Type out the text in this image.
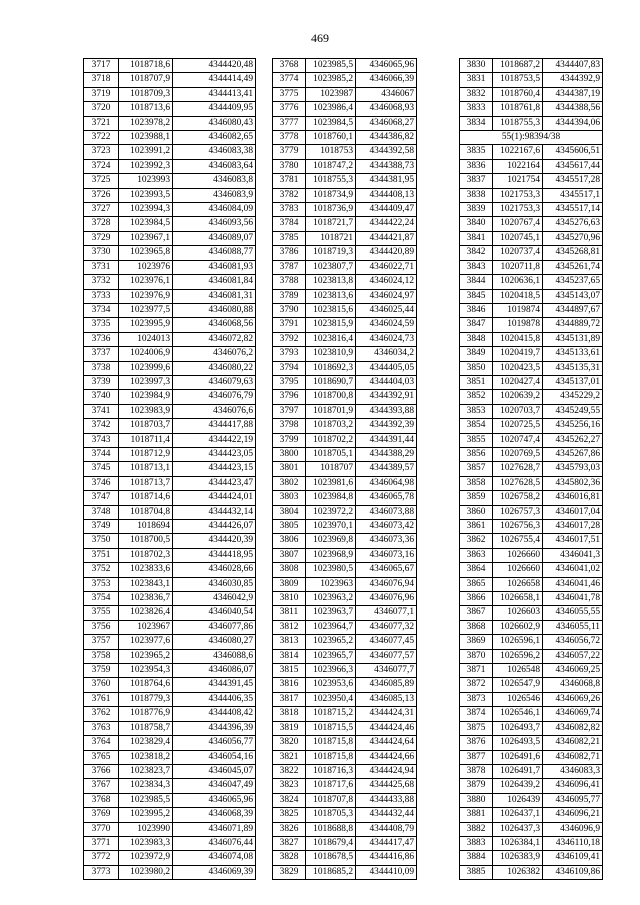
469
3717	1018718,6	4344420,48
3718	1018707,9	4344414,49
3719	1018709,3	4344413,41
3720	1018713,6	4344409,95
3721	1023978,2	4346080,43
3722	1023988,1	4346082,65
3723	1023991,2	4346083,38
3724	1023992,3	4346083,64
3725	1023993	4346083,8
3726	1023993,5	4346083,9
3727	1023994,3	4346084,09
3728	1023984,5	4346093,56
3729	1023967,1	4346089,07
3730	1023965,8	4346088,77
3731	1023976	4346081,93
3732	1023976,1	4346081,84
3733	1023976,9	4346081,31
3734	1023977,5	4346080,88
3735	1023995,9	4346068,56
3736	1024013	4346072,82
3737	1024006,9	4346076,2
3738	1023999,6	4346080,22
3739	1023997,3	4346079,63
3740	1023984,9	4346076,79
3741	1023983,9	4346076,6
3742	1018703,7	4344417,88
3743	1018711,4	4344422,19
3744	1018712,9	4344423,05
3745	1018713,1	4344423,15
3746	1018713,7	4344423,47
3747	1018714,6	4344424,01
3748	1018704,8	4344432,14
3749	1018694	4344426,07
3750	1018700,5	4344420,39
3751	1018702,3	4344418,95
3752	1023833,6	4346028,66
3753	1023843,1	4346030,85
3754	1023836,7	4346042,9
3755	1023826,4	4346040,54
3756	1023967	4346077,86
3757	1023977,6	4346080,27
3758	1023965,2	4346088,6
3759	1023954,3	4346086,07
3760	1018764,6	4344391,45
3761	1018779,3	4344406,35
3762	1018776,9	4344408,42
3763	1018758,7	4344396,39
3764	1023829,4	4346056,77
3765	1023818,2	4346054,16
3766	1023823,7	4346045,07
3767	1023834,3	4346047,49
3768	1023985,5	4346065,96
3769	1023995,2	4346068,39
3770	1023990	4346071,89
3771	1023983,3	4346076,44
3772	1023972,9	4346074,08
3773	1023980,2	4346069,39
3768	1023985,5	4346065,96
3774	1023985,2	4346066,39
3775	1023987	4346067
3776	1023986,4	4346068,93
3777	1023984,5	4346068,27
3778	1018760,1	4344386,82
3779	1018753	4344392,58
3780	1018747,2	4344388,73
3781	1018755,3	4344381,95
3782	1018734,9	4344408,13
3783	1018736,9	4344409,47
3784	1018721,7	4344422,24
3785	1018721	4344421,87
3786	1018719,3	4344420,89
3787	1023807,7	4346022,71
3788	1023813,8	4346024,12
3789	1023813,6	4346024,97
3790	1023815,6	4346025,44
3791	1023815,9	4346024,59
3792	1023816,4	4346024,73
3793	1023810,9	4346034,2
3794	1018692,3	4344405,05
3795	1018690,7	4344404,03
3796	1018700,8	4344392,91
3797	1018701,9	4344393,88
3798	1018703,2	4344392,39
3799	1018702,2	4344391,44
3800	1018705,1	4344388,29
3801	1018707	4344389,57
3802	1023981,6	4346064,98
3803	1023984,8	4346065,78
3804	1023972,2	4346073,88
3805	1023970,1	4346073,42
3806	1023969,8	4346073,36
3807	1023968,9	4346073,16
3808	1023980,5	4346065,67
3809	1023963	4346076,94
3810	1023963,2	4346076,96
3811	1023963,7	4346077,1
3812	1023964,7	4346077,32
3813	1023965,2	4346077,45
3814	1023965,7	4346077,57
3815	1023966,3	4346077,7
3816	1023953,6	4346085,89
3817	1023950,4	4346085,13
3818	1018715,2	4344424,31
3819	1018715,5	4344424,46
3820	1018715,8	4344424,64
3821	1018715,8	4344424,66
3822	1018716,3	4344424,94
3823	1018717,6	4344425,68
3824	1018707,8	4344433,88
3825	1018705,3	4344432,44
3826	1018688,8	4344408,79
3827	1018679,4	4344417,47
3828	1018678,5	4344416,86
3829	1018685,2	4344410,09
3830	1018687,2	4344407,83
3831	1018753,5	4344392,9
3832	1018760,4	4344387,19
3833	1018761,8	4344388,56
3834	1018755,3	4344394,06
55(1):98394/38		
3835	1022167,6	4345606,51
3836	1022164	4345617,44
3837	1021754	4345517,28
3838	1021753,3	4345517,1
3839	1021753,3	4345517,14
3840	1020767,4	4345276,63
3841	1020745,1	4345270,96
3842	1020737,4	4345268,81
3843	1020711,8	4345261,74
3844	1020636,1	4345237,65
3845	1020418,5	4345143,07
3846	1019874	4344897,67
3847	1019878	4344889,72
3848	1020415,8	4345131,89
3849	1020419,7	4345133,61
3850	1020423,5	4345135,31
3851	1020427,4	4345137,01
3852	1020639,2	4345229,2
3853	1020703,7	4345249,55
3854	1020725,5	4345256,16
3855	1020747,4	4345262,27
3856	1020769,5	4345267,86
3857	1027628,7	4345793,03
3858	1027628,5	4345802,36
3859	1026758,2	4346016,81
3860	1026757,3	4346017,04
3861	1026756,3	4346017,28
3862	1026755,4	4346017,51
3863	1026660	4346041,3
3864	1026660	4346041,02
3865	1026658	4346041,46
3866	1026658,1	4346041,78
3867	1026603	4346055,55
3868	1026602,9	4346055,11
3869	1026596,1	4346056,72
3870	1026596,2	4346057,22
3871	1026548	4346069,25
3872	1026547,9	4346068,8
3873	1026546	4346069,26
3874	1026546,1	4346069,74
3875	1026493,7	4346082,82
3876	1026493,5	4346082,21
3877	1026491,6	4346082,71
3878	1026491,7	4346083,3
3879	1026439,2	4346096,41
3880	1026439	4346095,77
3881	1026437,1	4346096,21
3882	1026437,3	4346096,9
3883	1026384,1	4346110,18
3884	1026383,9	4346109,41
3885	1026382	4346109,86
